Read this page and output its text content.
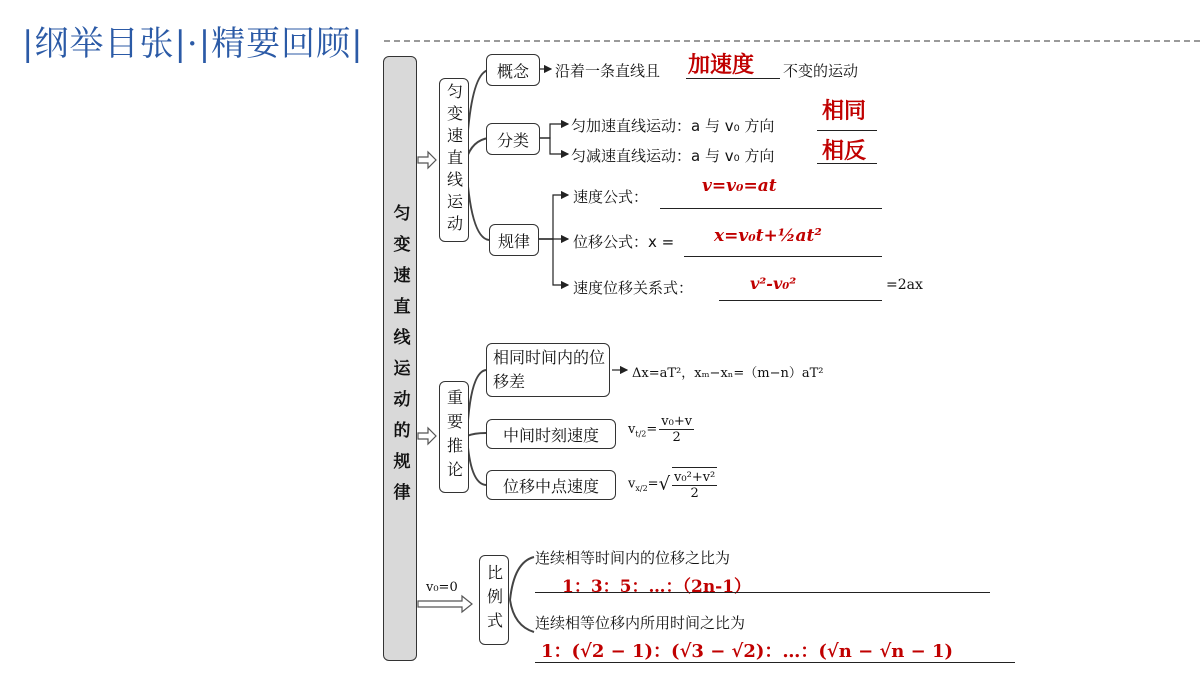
|纲举目张|·|精要回顾|
匀变速直线运动的规律
匀变速直线运动
概念	沿着一条直线且 加速度 不变的运动
分类
匀加速直线运动：a 与 v₀ 方向
相同
匀减速直线运动：a 与 v₀ 方向 相反
规律
速度公式：
v=v₀=at
位移公式：x = x=v₀t+½at²
速度位移关系式：	v²-v₀²	=2ax
重要推论
相同时间内的位移差	Δx=aT²，xₘ−xₙ=（m−n）aT²
中间时刻速度	$v_{t/2}= \frac{\text{v₀+v}}{2}$
位移中点速度	$v_{x/2}=√ \frac{\text{v₀²+v²}}{2}$
v₀=0	比例式
连续相等时间内的位移之比为
1：3：5：…：（2n-1）
连续相等位移内所用时间之比为
1：(√2 − 1)：(√3 − √2)：…：(√n − √n − 1)
